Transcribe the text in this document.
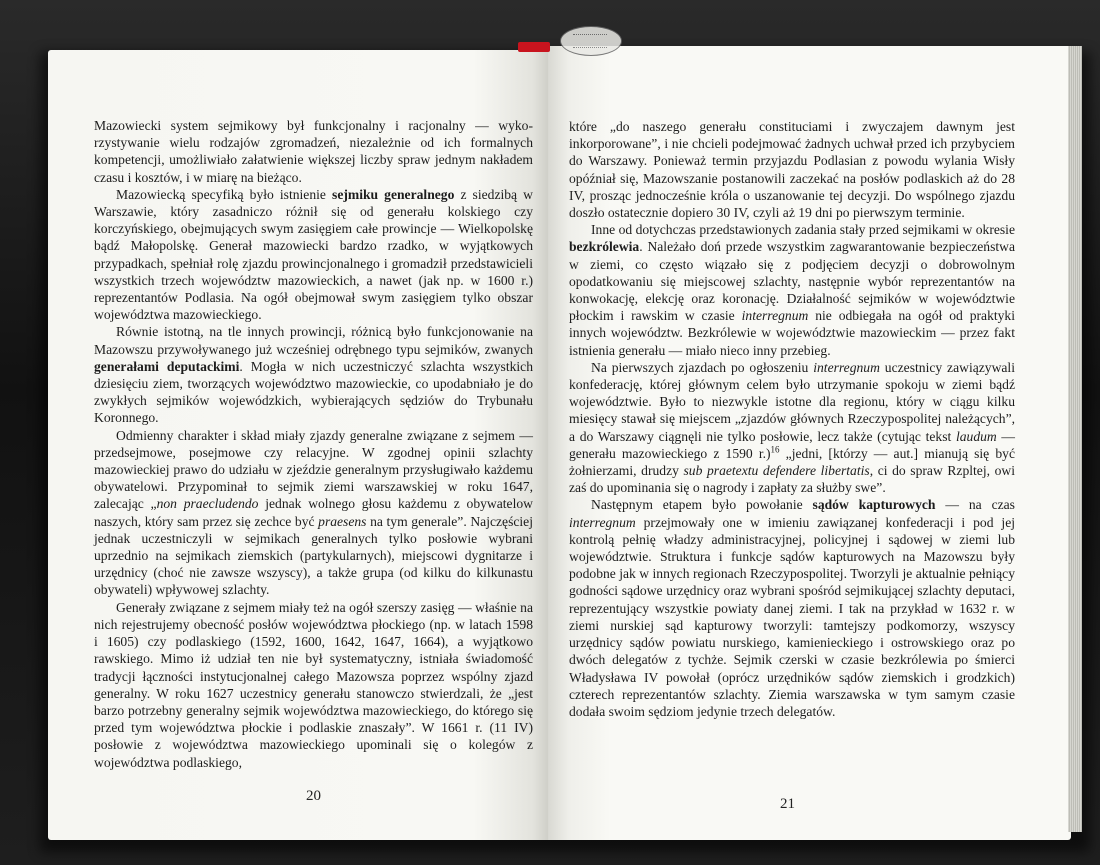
Mazowiecki system sejmikowy był funkcjonalny i racjonalny — wykorzystywanie wielu rodzajów zgromadzeń, niezależnie od ich formalnych kompetencji, umożliwiało załatwienie większej liczby spraw jednym nakładem czasu i kosztów, i w miarę na bieżąco.

Mazowiecką specyfiką było istnienie sejmiku generalnego z siedzibą w Warszawie, który zasadniczo różnił się od generału kolskiego czy korczyńskiego, obejmujących swym zasięgiem całe prowincje — Wielkopolskę bądź Małopolskę. Generał mazowiecki bardzo rzadko, w wyjątkowych przypadkach, spełniał rolę zjazdu prowincjonalnego i gromadził przedstawicieli wszystkich trzech województw mazowieckich, a nawet (jak np. w 1600 r.) reprezentantów Podlasia. Na ogół obejmował swym zasięgiem tylko obszar województwa mazowieckiego.

Równie istotną, na tle innych prowincji, różnicą było funkcjonowanie na Mazowszu przywoływanego już wcześniej odrębnego typu sejmików, zwanych generałami deputackimi. Mogła w nich uczestniczyć szlachta wszystkich dziesięciu ziem, tworzących województwo mazowieckie, co upodabniało je do zwykłych sejmików wojewódzkich, wybierających sędziów do Trybunału Koronnego.

Odmienny charakter i skład miały zjazdy generalne związane z sejmem — przedsejmowe, posejmowe czy relacyjne. W zgodnej opinii szlachty mazowieckiej prawo do udziału w zjeździe generalnym przysługiwało każdemu obywatelowi. Przypominał to sejmik ziemi warszawskiej w roku 1647, zalecając „non praecludendo jednak wolnego głosu każdemu z obywatelow naszych, który sam przez się zechce być praesens na tym generale”. Najczęściej jednak uczestniczyli w sejmikach generalnych tylko posłowie wybrani uprzednio na sejmikach ziemskich (partykularnych), miejscowi dygnitarze i urzędnicy (choć nie zawsze wszyscy), a także grupa (od kilku do kilkunastu obywateli) wpływowej szlachty.

Generały związane z sejmem miały też na ogół szerszy zasięg — właśnie na nich rejestrujemy obecność posłów województwa płockiego (np. w latach 1598 i 1605) czy podlaskiego (1592, 1600, 1642, 1647, 1664), a wyjątkowo rawskiego. Mimo iż udział ten nie był systematyczny, istniała świadomość tradycji łączności instytucjonalnej całego Mazowsza poprzez wspólny zjazd generalny. W roku 1627 uczestnicy generału stanowczo stwierdzali, że „jest barzo potrzebny generalny sejmik województwa mazowieckiego, do którego się przed tym województwa płockie i podlaskie znaszały”. W 1661 r. (11 IV) posłowie z województwa mazowieckiego upominali się o kolegów z województwa podlaskiego,

20

które „do naszego generału constituciami i zwyczajem dawnym jest inkorporowane”, i nie chcieli podejmować żadnych uchwał przed ich przybyciem do Warszawy. Ponieważ termin przyjazdu Podlasian z powodu wylania Wisły opóźniał się, Mazowszanie postanowili zaczekać na posłów podlaskich aż do 28 IV, prosząc jednocześnie króla o uszanowanie tej decyzji. Do wspólnego zjazdu doszło ostatecznie dopiero 30 IV, czyli aż 19 dni po pierwszym terminie.

Inne od dotychczas przedstawionych zadania stały przed sejmikami w okresie bezkrólewia. Należało doń przede wszystkim zagwarantowanie bezpieczeństwa w ziemi, co często wiązało się z podjęciem decyzji o dobrowolnym opodatkowaniu się miejscowej szlachty, następnie wybór reprezentantów na konwokację, elekcję oraz koronację. Działalność sejmików w województwie płockim i rawskim w czasie interregnum nie odbiegała na ogół od praktyki innych województw. Bezkrólewie w województwie mazowieckim — przez fakt istnienia generału — miało nieco inny przebieg.

Na pierwszych zjazdach po ogłoszeniu interregnum uczestnicy zawiązywali konfederację, której głównym celem było utrzymanie spokoju w ziemi bądź województwie. Było to niezwykle istotne dla regionu, który w ciągu kilku miesięcy stawał się miejscem „zjazdów głównych Rzeczypospolitej należących”, a do Warszawy ciągnęli nie tylko posłowie, lecz także (cytując tekst laudum — generału mazowieckiego z 1590 r.)$^{16}$ „jedni, [którzy — aut.] mianują się być żołnierzami, drudzy sub praetextu defendere libertatis, ci do spraw Rzpltej, owi zaś do upominania się o nagrody i zapłaty za służby swe”.

Następnym etapem było powołanie sądów kapturowych — na czas interregnum przejmowały one w imieniu zawiązanej konfederacji i pod jej kontrolą pełnię władzy administracyjnej, policyjnej i sądowej w ziemi lub województwie. Struktura i funkcje sądów kapturowych na Mazowszu były podobne jak w innych regionach Rzeczypospolitej. Tworzyli je aktualnie pełniący godności sądowe urzędnicy oraz wybrani spośród sejmikującej szlachty deputaci, reprezentujący wszystkie powiaty danej ziemi. I tak na przykład w 1632 r. w ziemi nurskiej sąd kapturowy tworzyli: tamtejszy podkomorzy, wszyscy urzędnicy sądów powiatu nurskiego, kamienieckiego i ostrowskiego oraz po dwóch delegatów z tychże. Sejmik czerski w czasie bezkrólewia po śmierci Władysława IV powołał (oprócz urzędników sądów ziemskich i grodzkich) czterech reprezentantów szlachty. Ziemia warszawska w tym samym czasie dodała swoim sędziom jedynie trzech delegatów.

21
